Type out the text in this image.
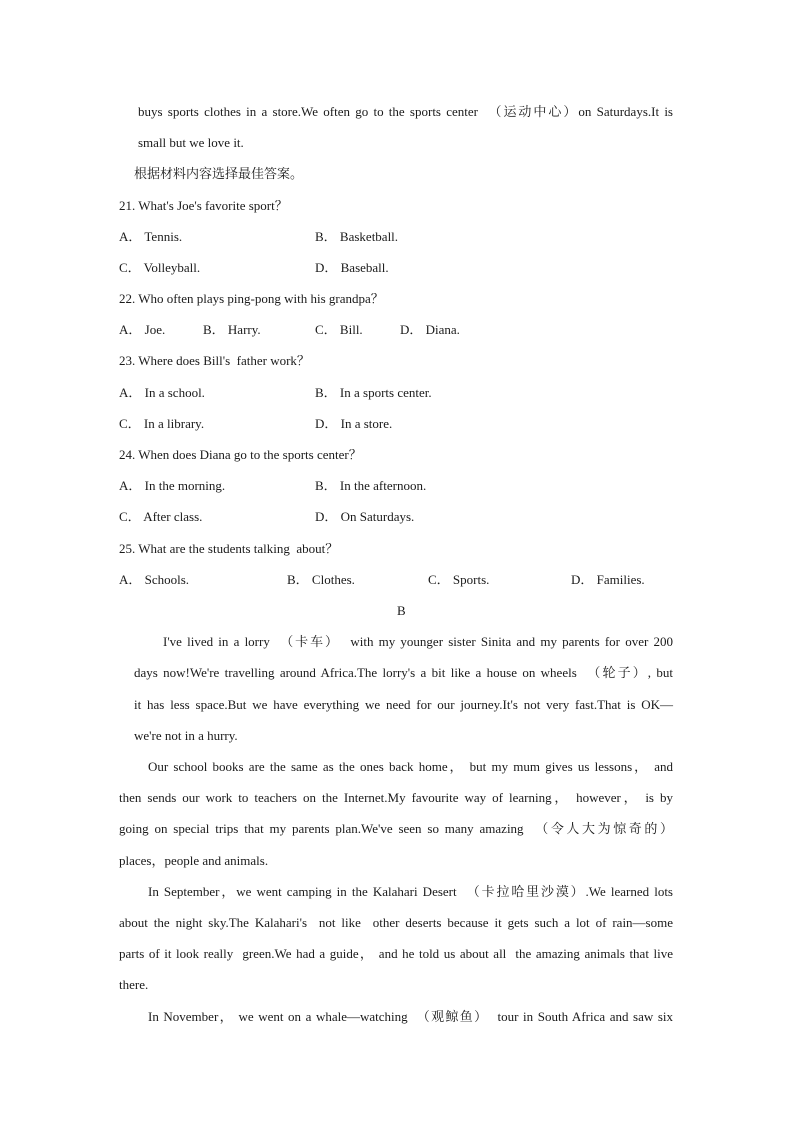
buys sports clothes in a store.We often go to the sports center  （运动中心）on Saturdays.It is
small but we love it.
根据材料内容选择最佳答案。
21. What's Joe's favorite sport？
A． Tennis.	B． Basketball.
C． Volleyball.	D． Baseball.
22. Who often plays ping-pong with his grandpa？
A． Joe.	B． Harry.	C． Bill.	D． Diana.
23. Where does Bill's  father work？
A． In a school.	B． In a sports center.
C． In a library.	D． In a store.
24. When does Diana go to the sports center？
A． In the morning.	B． In the afternoon.
C． After class.	D． On Saturdays.
25. What are the students talking  about？
A． Schools.	B． Clothes.	C． Sports.	D． Families.
B
I've lived in a lorry  （卡车）  with my younger sister Sinita and my parents for over 200
days now!We're travelling around Africa.The lorry's a bit like a house on wheels  （轮子）, but
it has less space.But we have everything we need for our journey.It's not very fast.That is OK—
we're not in a hurry.
Our school books are the same as the ones back home， but my mum gives us lessons， and
then sends our work to teachers on the Internet.My favourite way of learning， however， is by
going on special trips that my parents plan.We've seen so many amazing  （令人大为惊奇的）
places，people and animals.
In September，we went camping in the Kalahari Desert  （卡拉哈里沙漠）.We learned lots
about the night sky.The Kalahari's  not like  other deserts because it gets such a lot of rain—some
parts of it look really  green.We had a guide， and he told us about all  the amazing animals that live
there.
In November， we went on a whale—watching  （观鲸鱼）  tour in South Africa and saw six
